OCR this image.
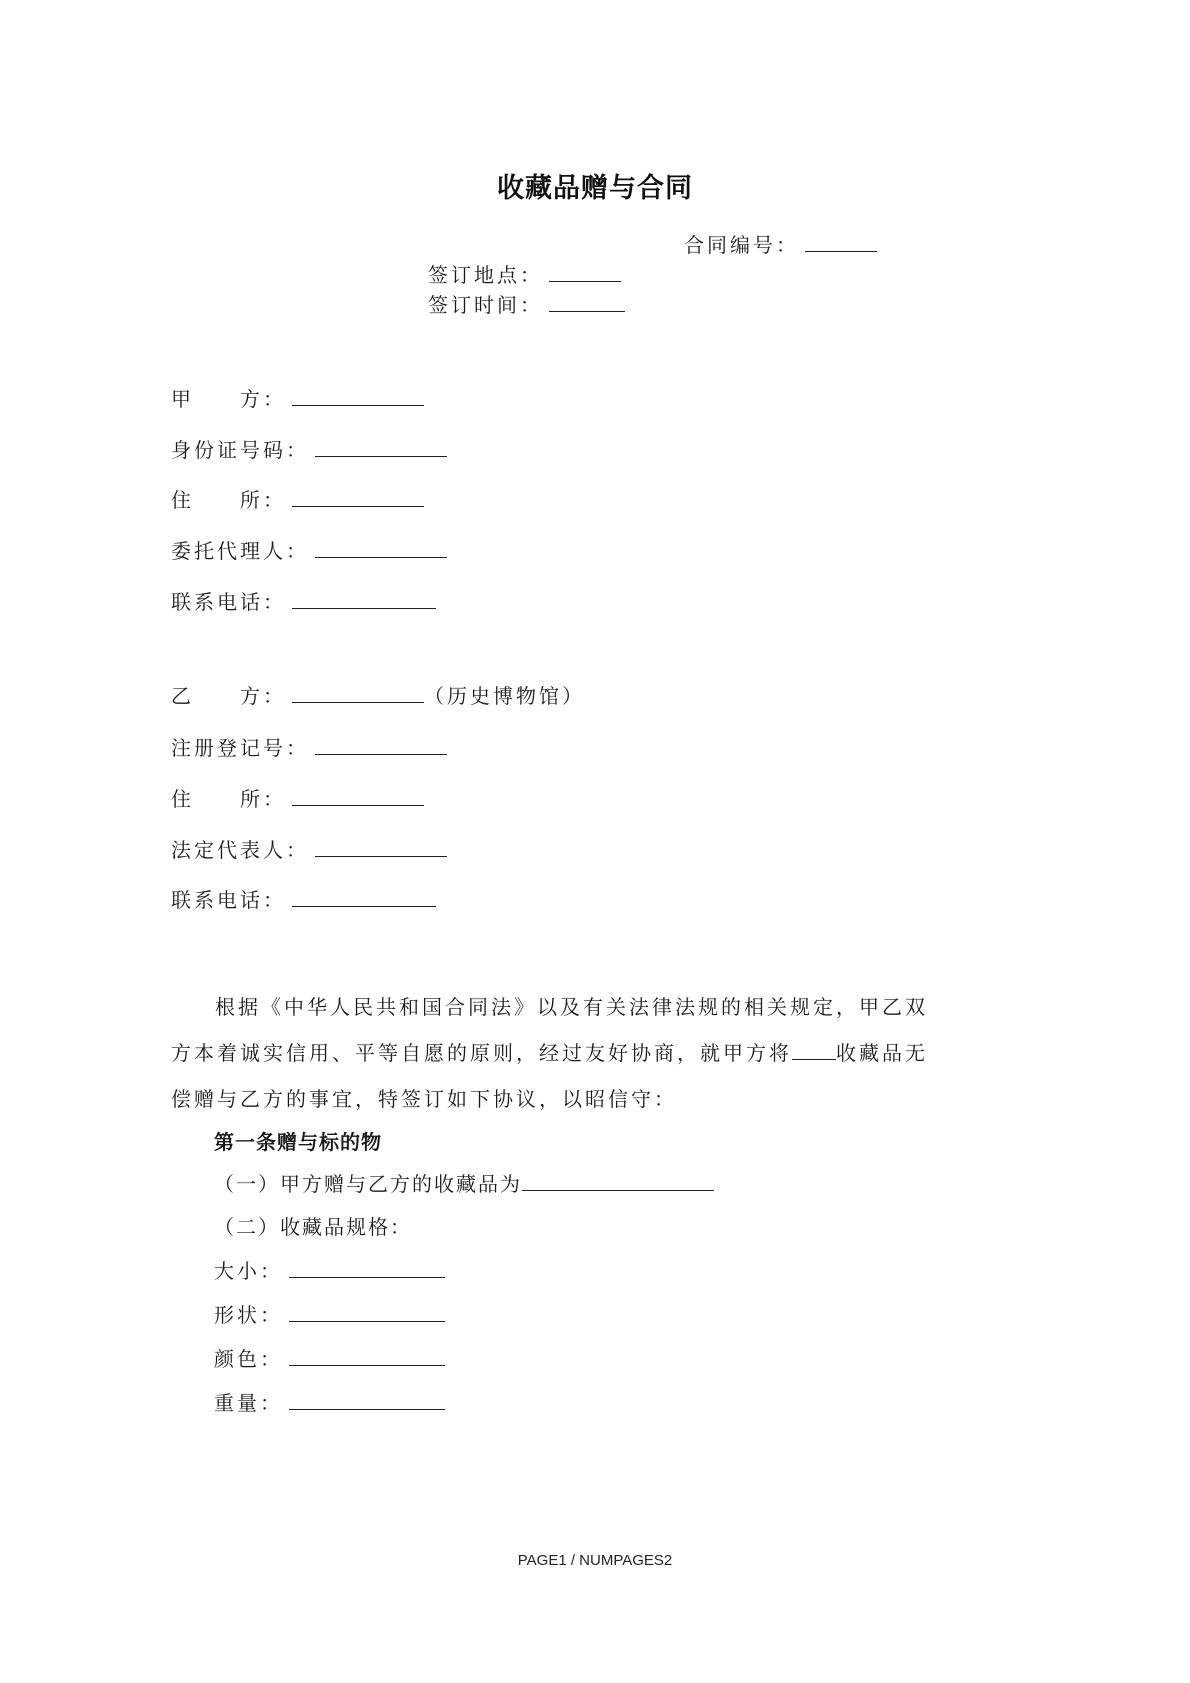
收藏品赠与合同
合同编号：
签订地点：
签订时间：
甲　　方：
身份证号码：
住　　所：
委托代理人：
联系电话：
乙　　方：	（历史博物馆）
注册登记号：
住　　所：
法定代表人：
联系电话：

根据《中华人民共和国合同法》以及有关法律法规的相关规定，甲乙双方本着诚实信用、平等自愿的原则，经过友好协商，就甲方将 收藏品无偿赠与乙方的事宜，特签订如下协议，以昭信守：

第一条赠与标的物
（一）甲方赠与乙方的收藏品为
（二）收藏品规格：
大小：
形状：
颜色：
重量：
PAGE1 / NUMPAGES2
